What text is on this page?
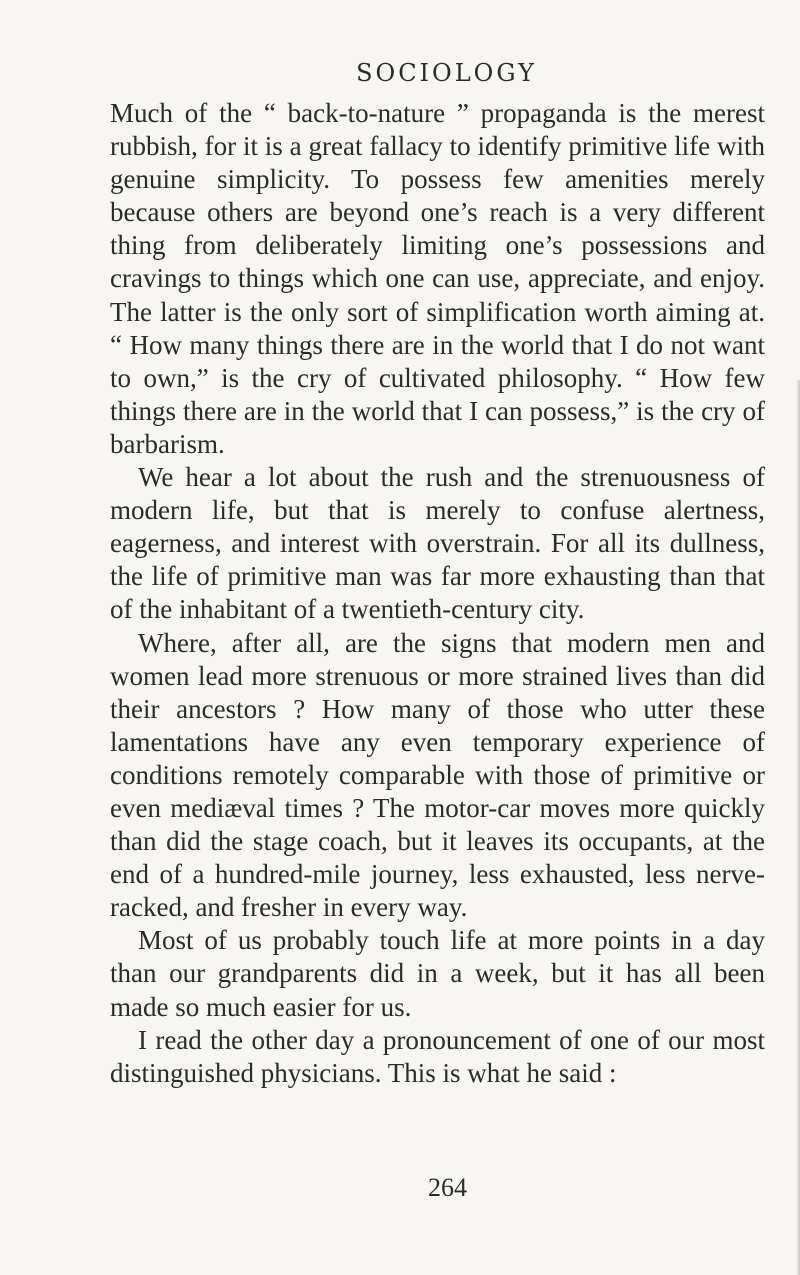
SOCIOLOGY

Much of the “ back-to-nature ” propaganda is the merest rubbish, for it is a great fallacy to identify primitive life with genuine simplicity. To possess few amenities merely because others are beyond one’s reach is a very different thing from deliberately limiting one’s possessions and cravings to things which one can use, appreciate, and enjoy. The latter is the only sort of simplification worth aiming at. “ How many things there are in the world that I do not want to own,” is the cry of cultivated philosophy. “ How few things there are in the world that I can possess,” is the cry of barbarism.

We hear a lot about the rush and the strenuousness of modern life, but that is merely to confuse alertness, eagerness, and interest with overstrain. For all its dullness, the life of primitive man was far more exhausting than that of the inhabitant of a twentieth-century city.

Where, after all, are the signs that modern men and women lead more strenuous or more strained lives than did their ancestors ? How many of those who utter these lamentations have any even temporary experience of conditions remotely comparable with those of primitive or even mediæval times ? The motor-car moves more quickly than did the stage coach, but it leaves its occupants, at the end of a hundred-mile journey, less exhausted, less nerve-racked, and fresher in every way.

Most of us probably touch life at more points in a day than our grandparents did in a week, but it has all been made so much easier for us.

I read the other day a pronouncement of one of our most distinguished physicians. This is what he said :

264
